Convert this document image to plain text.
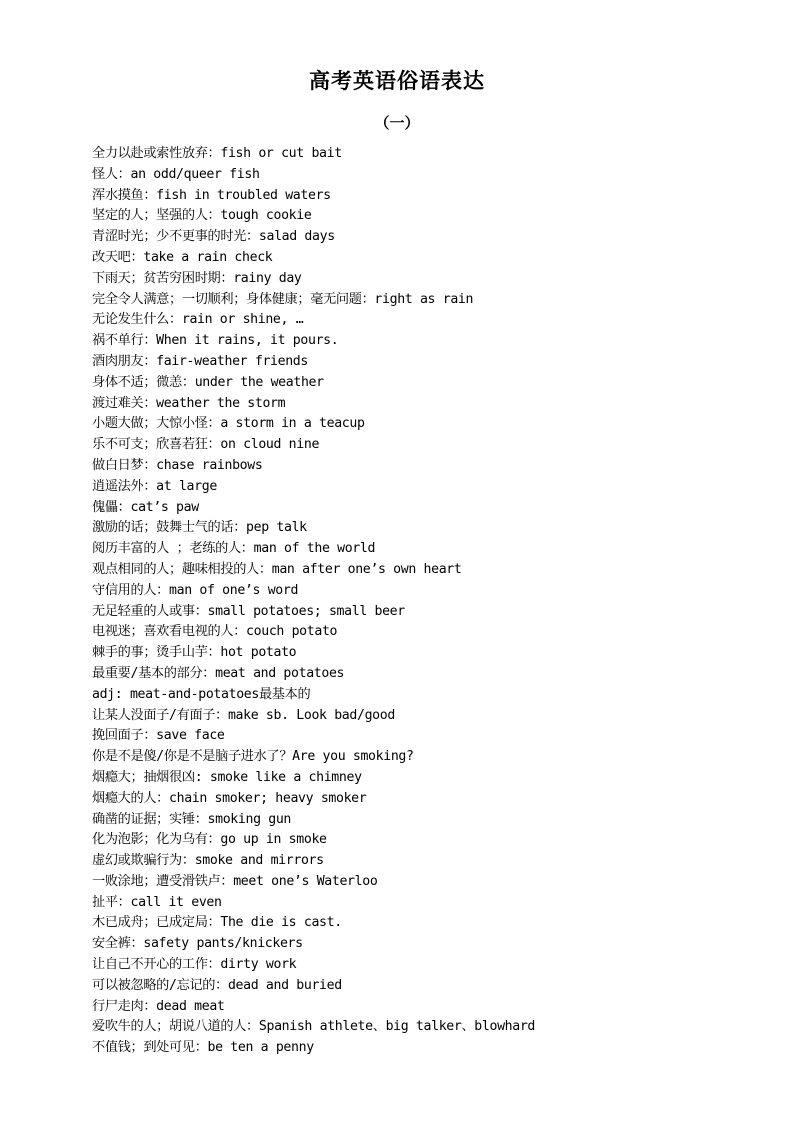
高考英语俗语表达
（一）
全力以赴或索性放弃：fish or cut bait
怪人：an odd/queer fish
浑水摸鱼：fish in troubled waters
坚定的人；坚强的人：tough cookie
青涩时光；少不更事的时光：salad days
改天吧：take a rain check
下雨天；贫苦穷困时期：rainy day
完全令人满意；一切顺利；身体健康；毫无问题：right as rain
无论发生什么：rain or shine, …
祸不单行：When it rains, it pours.
酒肉朋友：fair-weather friends
身体不适；微恙：under the weather
渡过难关：weather the storm
小题大做；大惊小怪：a storm in a teacup
乐不可支；欣喜若狂：on cloud nine
做白日梦：chase rainbows
逍遥法外：at large
傀儡：cat’s paw
激励的话；鼓舞士气的话：pep talk
阅历丰富的人 ；老练的人：man of the world
观点相同的人；趣味相投的人：man after one’s own heart
守信用的人：man of one’s word
无足轻重的人或事：small potatoes; small beer
电视迷；喜欢看电视的人：couch potato
棘手的事；烫手山芋：hot potato
最重要/基本的部分：meat and potatoes
adj: meat-and-potatoes最基本的
让某人没面子/有面子：make sb. Look bad/good
挽回面子：save face
你是不是傻/你是不是脑子进水了？Are you smoking?
烟瘾大；抽烟很凶: smoke like a chimney
烟瘾大的人：chain smoker; heavy smoker
确凿的证据；实锤：smoking gun
化为泡影；化为乌有：go up in smoke
虚幻或欺骗行为：smoke and mirrors
一败涂地；遭受滑铁卢：meet one’s Waterloo
扯平：call it even
木已成舟；已成定局：The die is cast.
安全裤：safety pants/knickers
让自己不开心的工作：dirty work
可以被忽略的/忘记的：dead and buried
行尸走肉：dead meat
爱吹牛的人；胡说八道的人：Spanish athlete、big talker、blowhard
不值钱；到处可见：be ten a penny
